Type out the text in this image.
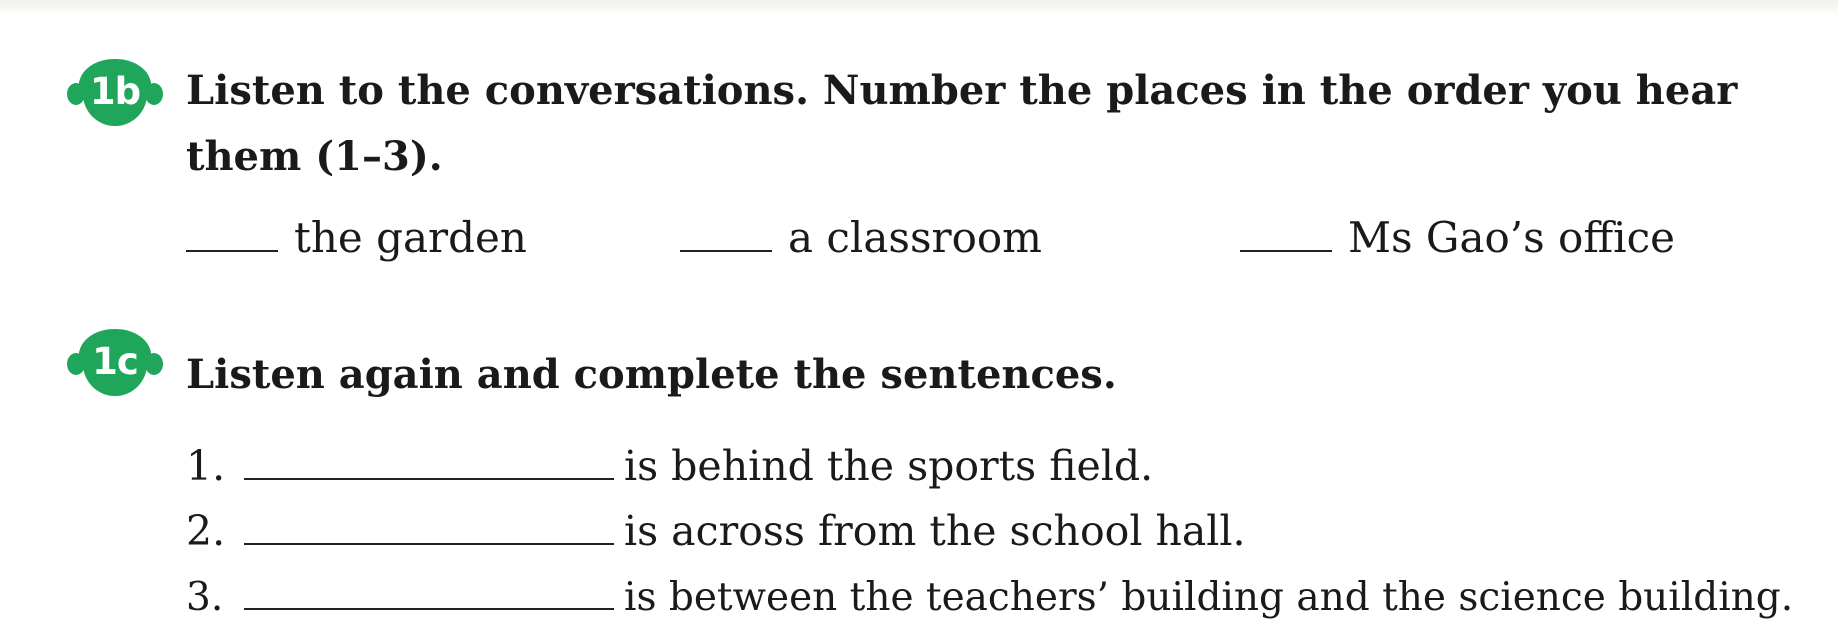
1b	Listen to the conversations. Number the places in the order you hear them (1–3).
the garden	a classroom	Ms Gao’s office
1c	Listen again and complete the sentences.
1.	is behind the sports field.
2.	is across from the school hall.
3.	is between the teachers’ building and the science building.
